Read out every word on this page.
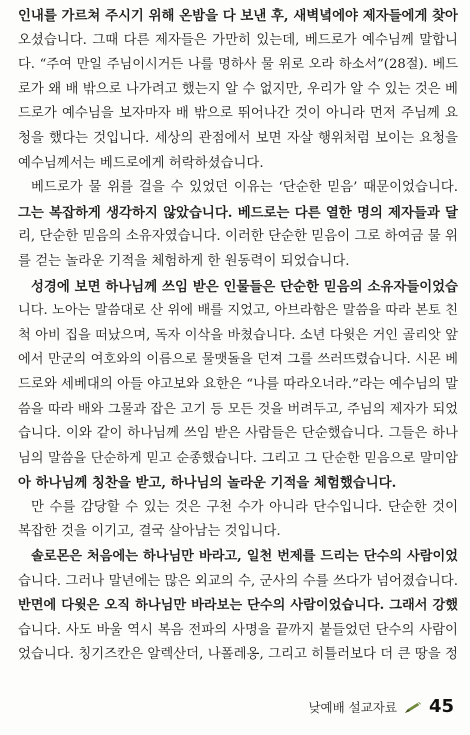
인내를 가르쳐 주시기 위해 온밤을 다 보낸 후, 새벽녘에야 제자들에게 찾아
오셨습니다. 그때 다른 제자들은 가만히 있는데, 베드로가 예수님께 말합니
다. “주여 만일 주님이시거든 나를 명하사 물 위로 오라 하소서”(28절). 베드
로가 왜 배 밖으로 나가려고 했는지 알 수 없지만, 우리가 알 수 있는 것은 베
드로가 예수님을 보자마자 배 밖으로 뛰어나간 것이 아니라 먼저 주님께 요
청을 했다는 것입니다. 세상의 관점에서 보면 자살 행위처럼 보이는 요청을
예수님께서는 베드로에게 허락하셨습니다.
베드로가 물 위를 걸을 수 있었던 이유는 ‘단순한 믿음’ 때문이었습니다.
그는 복잡하게 생각하지 않았습니다. 베드로는 다른 열한 명의 제자들과 달
리, 단순한 믿음의 소유자였습니다. 이러한 단순한 믿음이 그로 하여금 물 위
를 걷는 놀라운 기적을 체험하게 한 원동력이 되었습니다.
성경에 보면 하나님께 쓰임 받은 인물들은 단순한 믿음의 소유자들이었습
니다. 노아는 말씀대로 산 위에 배를 지었고, 아브라함은 말씀을 따라 본토 친
척 아비 집을 떠났으며, 독자 이삭을 바쳤습니다. 소년 다윗은 거인 골리앗 앞
에서 만군의 여호와의 이름으로 물맷돌을 던져 그를 쓰러뜨렸습니다. 시몬 베
드로와 세베대의 아들 야고보와 요한은 “나를 따라오너라.”라는 예수님의 말
씀을 따라 배와 그물과 잡은 고기 등 모든 것을 버려두고, 주님의 제자가 되었
습니다. 이와 같이 하나님께 쓰임 받은 사람들은 단순했습니다. 그들은 하나
님의 말씀을 단순하게 믿고 순종했습니다. 그리고 그 단순한 믿음으로 말미암
아 하나님께 칭찬을 받고, 하나님의 놀라운 기적을 체험했습니다.
만 수를 감당할 수 있는 것은 구천 수가 아니라 단수입니다. 단순한 것이
복잡한 것을 이기고, 결국 살아남는 것입니다.
솔로몬은 처음에는 하나님만 바라고, 일천 번제를 드리는 단수의 사람이었
습니다. 그러나 말년에는 많은 외교의 수, 군사의 수를 쓰다가 넘어졌습니다.
반면에 다윗은 오직 하나님만 바라보는 단수의 사람이었습니다. 그래서 강했
습니다. 사도 바울 역시 복음 전파의 사명을 끝까지 붙들었던 단수의 사람이
었습니다. 칭기즈칸은 알렉산더, 나폴레옹, 그리고 히틀러보다 더 큰 땅을 정
낮예배 설교자료 45
